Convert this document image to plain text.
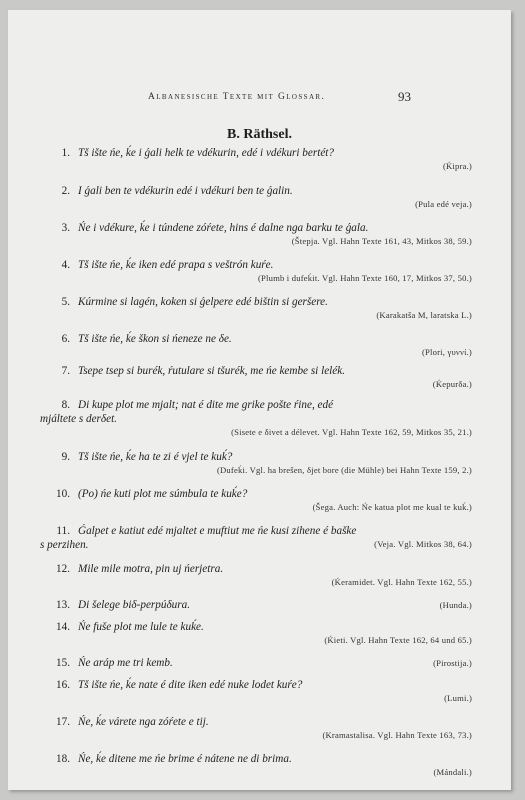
Albanesische Texte mit Glossar.	93
B. Räthsel.
1. Tš ište ńe, ḱe i ǵali helk te vdékurin, edé i vdékuri bertét?
(Ḱipra.)
2. I ǵali ben te vdékurin edé i vdékuri ben te ǵalin.
(Pula edé veja.)
3. Ńe i vdékure, ḱe i túndene zóŕete, hins é dalne nga barku te ǵala.
(Štepja. Vgl. Hahn Texte 161, 43, Mitkos 38, 59.)
4. Tš ište ńe, ḱe iken edé prapa s veštrón kuŕe.
(Plumb i dufeḱit. Vgl. Hahn Texte 160, 17, Mitkos 37, 50.)
5. Kúrmine si lagén, koken si ǵelpere edé bištin si geršere.
(Karakatša M, laratska L.)
6. Tš ište ńe, ḱe škon si ńeneze ne δe.
(Plori, γυννί.)
7. Tsepe tsep si burék, ŕutulare si tšurék, me ńe kembe si lelék.
(Ḱepurδa.)
8. Di kupe plot me mjalt; nat é dite me grike pošte ŕine, edé
mjáltete s derδet.
(Sisete e δivet a délevet. Vgl. Hahn Texte 162, 59, Mitkos 35, 21.)
9. Tš ište ńe, ḱe ha te zi é vjel te kuḱ?
(Dufeḱi. Vgl. ha brešen, δjet bore (die Mühle) bei Hahn Texte 159, 2.)
10. (Po) ńe kuti plot me súmbula te kuḱe?
(Šega. Auch: Ńe katua plot me kual te kuḱ.)
11. Ǵalpet e katiut edé mjaltet e muftiut me ńe kusi zihene é baške
s perzihen.	(Veja. Vgl. Mitkos 38, 64.)
12. Mile mile motra, pin uj ńerjetra.
(Ḱeramidet. Vgl. Hahn Texte 162, 55.)
13. Di šelege biδ-perpúδura.	(Hunda.)
14. Ńe fuše plot me lule te kuḱe.
(Ḱieti. Vgl. Hahn Texte 162, 64 und 65.)
15. Ńe aráp me tri kemb.	(Pirostija.)
16. Tš ište ńe, ḱe nate é dite iken edé nuke lodet kuŕe?
(Lumi.)
17. Ńe, ḱe várete nga zóŕete e tij.
(Kramastalisa. Vgl. Hahn Texte 163, 73.)
18. Ńe, ḱe ditene me ńe brime é nátene ne di brima.
(Mándali.)
